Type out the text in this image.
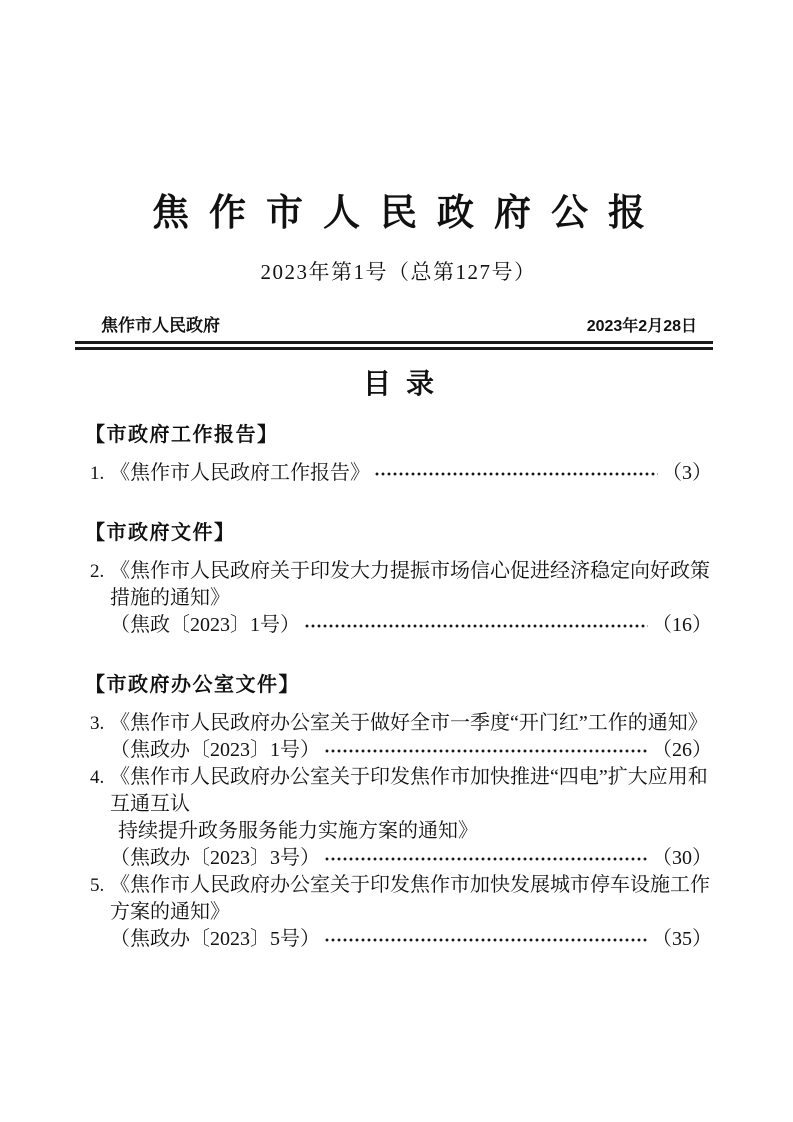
焦作市人民政府公报
2023年第1号（总第127号）
焦作市人民政府	2023年2月28日
目录
【市政府工作报告】
1. 《焦作市人民政府工作报告》	（3）
【市政府文件】
2. 《焦作市人民政府关于印发大力提振市场信心促进经济稳定向好政策措施的通知》
（焦政〔2023〕1号）	（16）
【市政府办公室文件】
3. 《焦作市人民政府办公室关于做好全市一季度“开门红”工作的通知》
（焦政办〔2023〕1号）	（26）
4. 《焦作市人民政府办公室关于印发焦作市加快推进“四电”扩大应用和互通互认
持续提升政务服务能力实施方案的通知》
（焦政办〔2023〕3号）	（30）
5. 《焦作市人民政府办公室关于印发焦作市加快发展城市停车设施工作方案的通知》
（焦政办〔2023〕5号）	（35）
